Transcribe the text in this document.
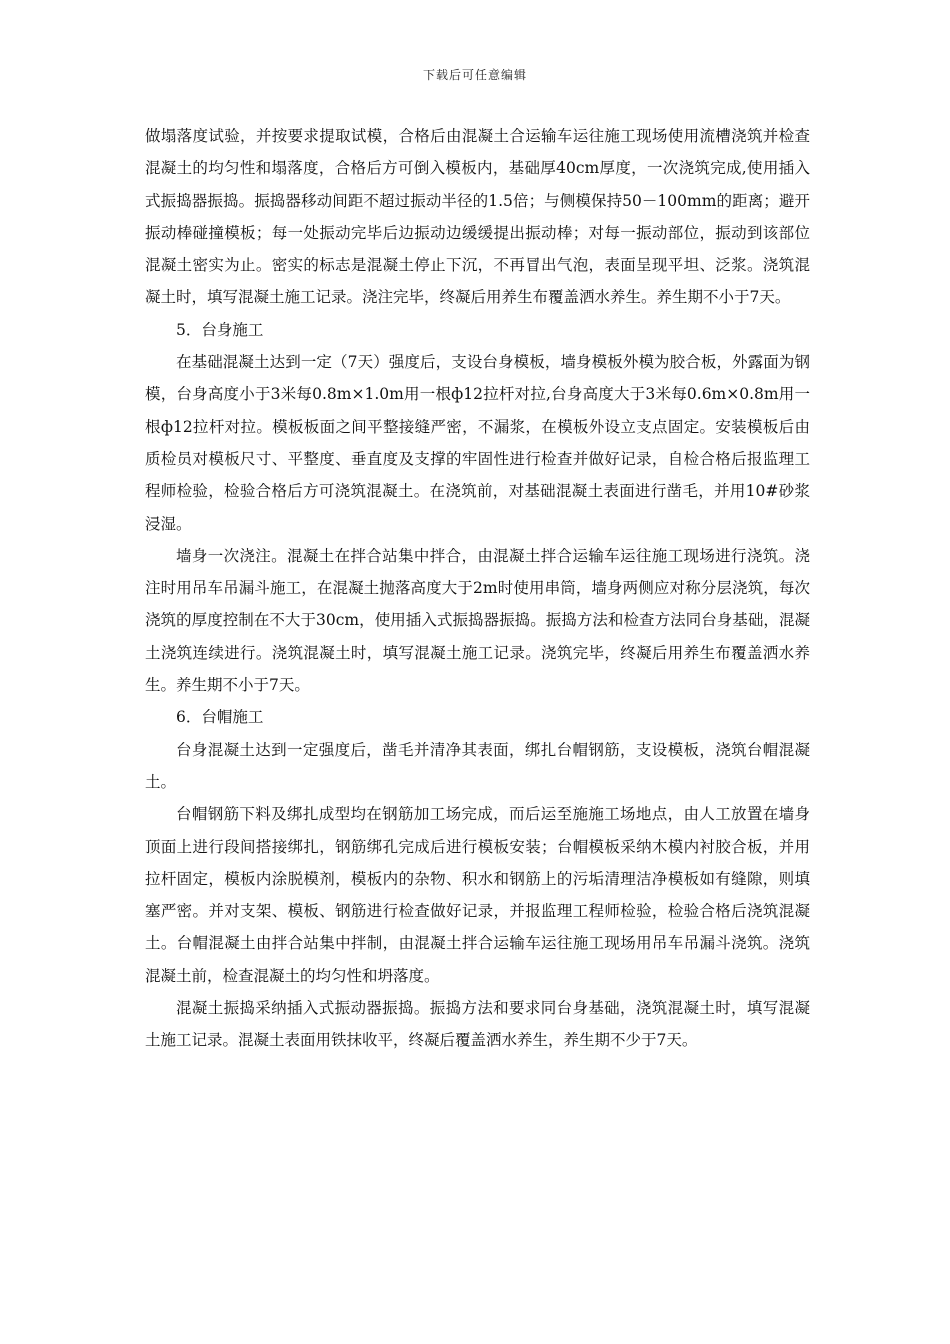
下载后可任意编辑

做塌落度试验，并按要求提取试模，合格后由混凝土合运输车运往施工现场使用流槽浇筑并检查混凝土的均匀性和塌落度，合格后方可倒入模板内，基础厚40cm厚度，一次浇筑完成,使用插入式振捣器振捣。振捣器移动间距不超过振动半径的1.5倍；与侧模保持50－100mm的距离；避开振动棒碰撞模板；每一处振动完毕后边振动边缓缓提出振动棒；对每一振动部位，振动到该部位混凝土密实为止。密实的标志是混凝土停止下沉，不再冒出气泡，表面呈现平坦、泛浆。浇筑混凝土时，填写混凝土施工记录。浇注完毕，终凝后用养生布覆盖洒水养生。养生期不小于7天。

5．台身施工

在基础混凝土达到一定（7天）强度后，支设台身模板，墙身模板外模为胶合板，外露面为钢模，台身高度小于3米每0.8m×1.0m用一根ф12拉杆对拉,台身高度大于3米每0.6m×0.8m用一根ф12拉杆对拉。模板板面之间平整接缝严密，不漏浆，在模板外设立支点固定。安装模板后由质检员对模板尺寸、平整度、垂直度及支撑的牢固性进行检查并做好记录，自检合格后报监理工程师检验，检验合格后方可浇筑混凝土。在浇筑前，对基础混凝土表面进行凿毛，并用10#砂浆浸湿。

墙身一次浇注。混凝土在拌合站集中拌合，由混凝土拌合运输车运往施工现场进行浇筑。浇注时用吊车吊漏斗施工，在混凝土抛落高度大于2m时使用串筒，墙身两侧应对称分层浇筑，每次浇筑的厚度控制在不大于30cm，使用插入式振捣器振捣。振捣方法和检查方法同台身基础，混凝土浇筑连续进行。浇筑混凝土时，填写混凝土施工记录。浇筑完毕，终凝后用养生布覆盖洒水养生。养生期不小于7天。

6．台帽施工

台身混凝土达到一定强度后，凿毛并清净其表面，绑扎台帽钢筋，支设模板，浇筑台帽混凝土。

台帽钢筋下料及绑扎成型均在钢筋加工场完成，而后运至施施工场地点，由人工放置在墙身顶面上进行段间搭接绑扎，钢筋绑孔完成后进行模板安装；台帽模板采纳木模内衬胶合板，并用拉杆固定，模板内涂脱模剂，模板内的杂物、积水和钢筋上的污垢清理洁净模板如有缝隙，则填塞严密。并对支架、模板、钢筋进行检查做好记录，并报监理工程师检验，检验合格后浇筑混凝土。台帽混凝土由拌合站集中拌制，由混凝土拌合运输车运往施工现场用吊车吊漏斗浇筑。浇筑混凝土前，检查混凝土的均匀性和坍落度。

混凝土振捣采纳插入式振动器振捣。振捣方法和要求同台身基础，浇筑混凝土时，填写混凝土施工记录。混凝土表面用铁抹收平，终凝后覆盖洒水养生，养生期不少于7天。
